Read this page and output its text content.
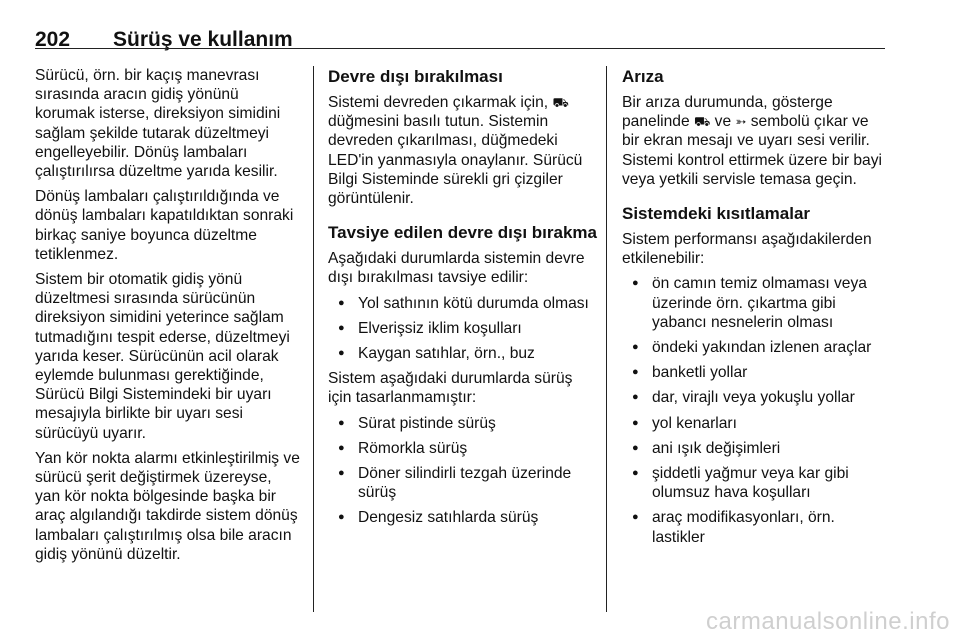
202	Sürüş ve kullanım

Sürücü, örn. bir kaçış manevrası sırasında aracın gidiş yönünü korumak isterse, direksiyon simidini sağlam şekilde tutarak düzeltmeyi engelleyebilir. Dönüş lambaları çalıştırılırsa düzeltme yarıda kesilir.

Dönüş lambaları çalıştırıldığında ve dönüş lambaları kapatıldıktan sonraki birkaç saniye boyunca düzeltme tetiklenmez.

Sistem bir otomatik gidiş yönü düzeltmesi sırasında sürücünün direksiyon simidini yeterince sağlam tutmadığını tespit ederse, düzeltmeyi yarıda keser. Sürücünün acil olarak eylemde bulunması gerektiğinde, Sürücü Bilgi Sistemindeki bir uyarı mesajıyla birlikte bir uyarı sesi sürücüyü uyarır.

Yan kör nokta alarmı etkinleştirilmiş ve sürücü şerit değiştirmek üzereyse, yan kör nokta bölgesinde başka bir araç algılandığı takdirde sistem dönüş lambaları çalıştırılmış olsa bile aracın gidiş yönünü düzeltir.

Devre dışı bırakılması

Sistemi devreden çıkarmak için, ⛟ düğmesini basılı tutun. Sistemin devreden çıkarılması, düğmedeki LED'in yanmasıyla onaylanır. Sürücü Bilgi Sisteminde sürekli gri çizgiler görüntülenir.

Tavsiye edilen devre dışı bırakma

Aşağıdaki durumlarda sistemin devre dışı bırakılması tavsiye edilir:

● Yol sathının kötü durumda olması
● Elverişsiz iklim koşulları
● Kaygan satıhlar, örn., buz

Sistem aşağıdaki durumlarda sürüş için tasarlanmamıştır:

● Sürat pistinde sürüş
● Römorkla sürüş
● Döner silindirli tezgah üzerinde sürüş
● Dengesiz satıhlarda sürüş
Arıza

Bir arıza durumunda, gösterge panelinde ⛟ ve ➳ sembolü çıkar ve bir ekran mesajı ve uyarı sesi verilir. Sistemi kontrol ettirmek üzere bir bayi veya yetkili servisle temasa geçin.

Sistemdeki kısıtlamalar

Sistem performansı aşağıdakilerden etkilenebilir:

● ön camın temiz olmaması veya üzerinde örn. çıkartma gibi yabancı nesnelerin olması
● öndeki yakından izlenen araçlar
● banketli yollar
● dar, virajlı veya yokuşlu yollar
● yol kenarları
● ani ışık değişimleri
● şiddetli yağmur veya kar gibi olumsuz hava koşulları
● araç modifikasyonları, örn. lastikler
carmanualsonline.info
